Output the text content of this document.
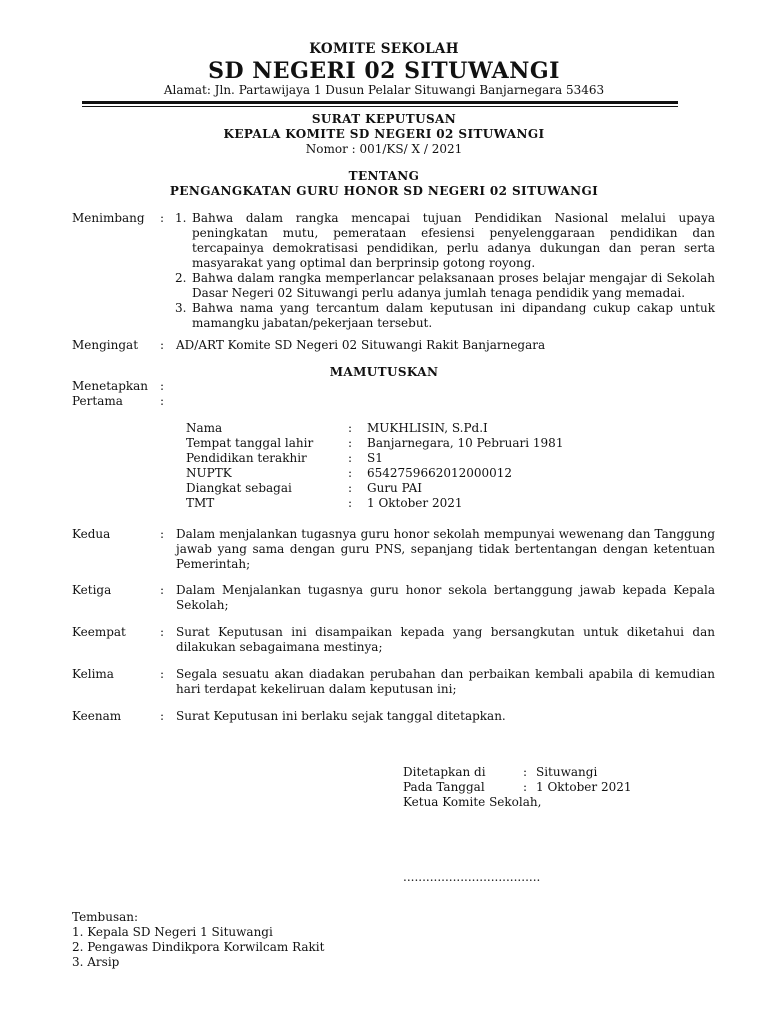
KOMITE SEKOLAH
SD NEGERI 02 SITUWANGI
Alamat: Jln. Partawijaya 1 Dusun Pelalar Situwangi Banjarnegara 53463
SURAT KEPUTUSAN
KEPALA KOMITE SD NEGERI 02 SITUWANGI
Nomor : 001/KS/ X / 2021
TENTANG
PENGANGKATAN GURU HONOR SD NEGERI 02 SITUWANGI
Menimbang : 1. Bahwa dalam rangka mencapai tujuan Pendidikan Nasional melalui upaya peningkatan mutu, pemerataan efesiensi penyelenggaraan pendidikan dan tercapainya demokratisasi pendidikan, perlu adanya dukungan dan peran serta masyarakat yang optimal dan berprinsip gotong royong.
2. Bahwa dalam rangka memperlancar pelaksanaan proses belajar mengajar di Sekolah Dasar Negeri 02 Situwangi perlu adanya jumlah tenaga pendidik yang memadai.
3. Bahwa nama yang tercantum dalam keputusan ini dipandang cukup cakap untuk mamangku jabatan/pekerjaan tersebut.
Mengingat : AD/ART Komite SD Negeri 02 Situwangi Rakit Banjarnegara
MAMUTUSKAN
Menetapkan :
Pertama	:
Nama	: MUKHLISIN, S.Pd.I
Tempat tanggal lahir	: Banjarnegara, 10 Pebruari 1981
Pendidikan terakhir	: S1
NUPTK	: 6542759662012000012
Diangkat sebagai	: Guru PAI
TMT	: 1 Oktober 2021
Kedua	: Dalam menjalankan tugasnya guru honor sekolah mempunyai wewenang dan Tanggung jawab yang sama dengan guru PNS, sepanjang tidak bertentangan dengan ketentuan Pemerintah;
Ketiga	: Dalam Menjalankan tugasnya guru honor sekola bertanggung jawab kepada Kepala Sekolah;
Keempat	: Surat Keputusan ini disampaikan kepada yang bersangkutan untuk diketahui dan dilakukan sebagaimana mestinya;
Kelima	: Segala sesuatu akan diadakan perubahan dan perbaikan kembali apabila di kemudian hari terdapat kekeliruan dalam keputusan ini;
Keenam	: Surat Keputusan ini berlaku sejak tanggal ditetapkan.
Ditetapkan di	: Situwangi
Pada Tanggal	: 1 Oktober 2021
Ketua Komite Sekolah,
....................................
Tembusan:
1. Kepala SD Negeri 1 Situwangi
2. Pengawas Dindikpora Korwilcam Rakit
3. Arsip
